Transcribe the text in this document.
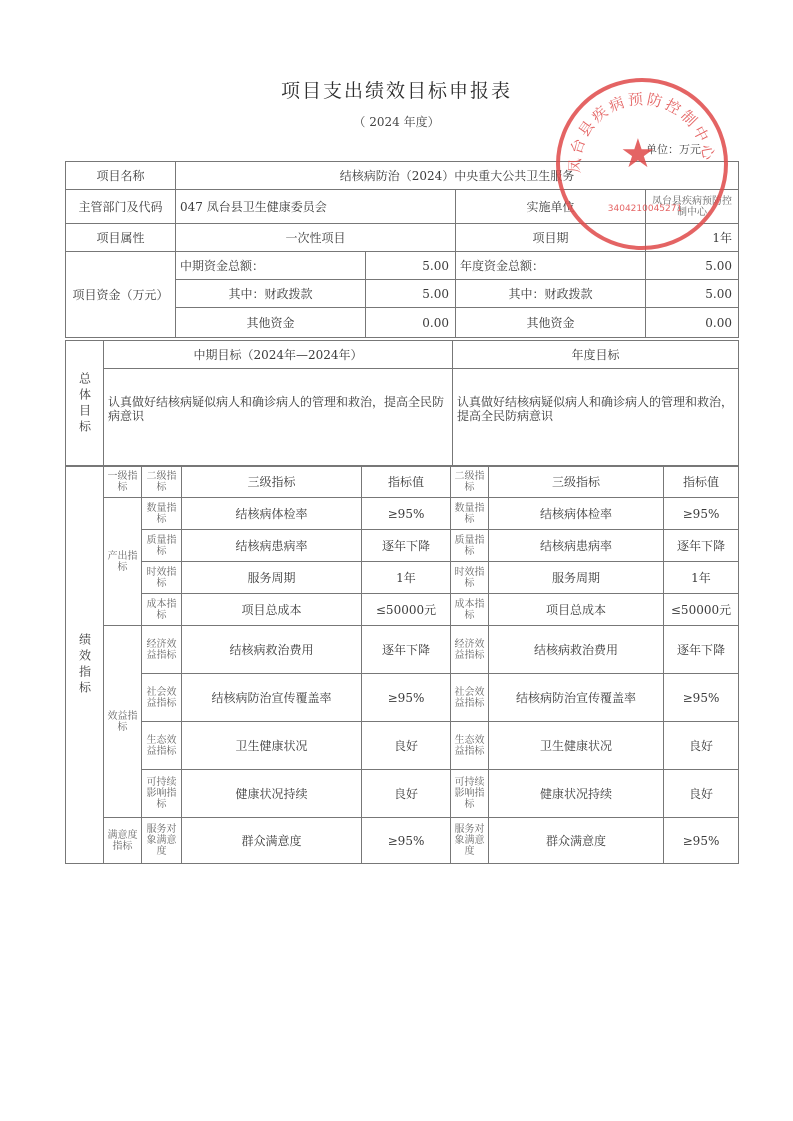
项目支出绩效目标申报表
（ 2024 年度）
单位：万元
项目名称	结核病防治（2024）中央重大公共卫生服务			
主管部门及代码	047 凤台县卫生健康委员会		实施单位	凤台县疾病预防控制中心
项目属性	一次性项目		项目期	1年
项目资金（万元）	中期资金总额：	5.00	年度资金总额：	5.00
	其中：财政拨款	5.00	其中：财政拨款	5.00
	其他资金	0.00	其他资金	0.00
总体目标	中期目标（2024年—2024年）	年度目标
	认真做好结核病疑似病人和确诊病人的管理和救治，提高全民防病意识	认真做好结核病疑似病人和确诊病人的管理和救治，提高全民防病意识
绩效指标	一级指标	二级指标	三级指标	指标值	二级指标	三级指标	指标值
	产出指标	数量指标	结核病体检率	≥95%	数量指标	结核病体检率	≥95%
		质量指标	结核病患病率	逐年下降	质量指标	结核病患病率	逐年下降
		时效指标	服务周期	1年	时效指标	服务周期	1年
		成本指标	项目总成本	≤50000元	成本指标	项目总成本	≤50000元
	效益指标	经济效益指标	结核病救治费用	逐年下降	经济效益指标	结核病救治费用	逐年下降
		社会效益指标	结核病防治宣传覆盖率	≥95%	社会效益指标	结核病防治宣传覆盖率	≥95%
		生态效益指标	卫生健康状况	良好	生态效益指标	卫生健康状况	良好
		可持续影响指标	健康状况持续	良好	可持续影响指标	健康状况持续	良好
	满意度指标	服务对象满意度	群众满意度	≥95%	服务对象满意度	群众满意度	≥95%
凤台县疾病预防控制中心
★
3404210045271
